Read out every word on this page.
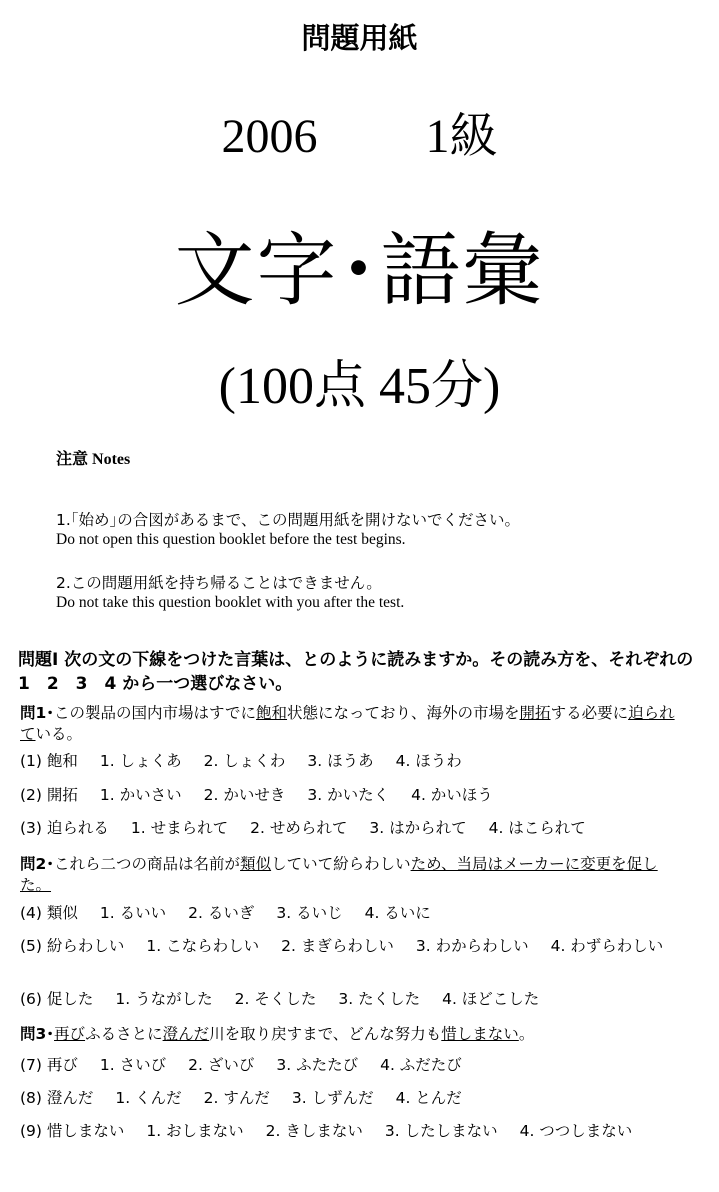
問題用紙
2006 1級
文字･語彙
(100点 45分)
注意 Notes
1.｢始め｣の合図があるまで、この問題用紙を開けないでください。
Do not open this question booklet before the test begins.
2.この問題用紙を持ち帰ることはできません。
Do not take this question booklet with you after the test.
問題Ⅰ 次の文の下線をつけた言葉は、とのように読みますか。その読み方を、それぞれの1　2　3　4 から一つ選びなさい。
問1･この製品の国内市場はすでに飽和状態になっており、海外の市場を開拓する必要に迫られている。
(1) 飽和 1. しょくあ 2. しょくわ 3. ほうあ 4. ほうわ
(2) 開拓 1. かいさい 2. かいせき 3. かいたく 4. かいほう
(3) 迫られる 1. せまられて 2. せめられて 3. はかられて 4. はこられて
問2･これら二つの商品は名前が類似していて紛らわしいため、当局はメーカーに変更を促した。
(4) 類似 1. るいい 2. るいぎ 3. るいじ 4. るいに
(5) 紛らわしい 1. こならわしい 2. まぎらわしい 3. わからわしい 4. わずらわしい
(6) 促した 1. うながした 2. そくした 3. たくした 4. ほどこした
問3･再びふるさとに澄んだ川を取り戻すまで、どんな努力も惜しまない。
(7) 再び 1. さいび 2. ざいび 3. ふたたび 4. ふだたび
(8) 澄んだ 1. くんだ 2. すんだ 3. しずんだ 4. とんだ
(9) 惜しまない 1. おしまない 2. きしまない 3. したしまない 4. つつしまない
